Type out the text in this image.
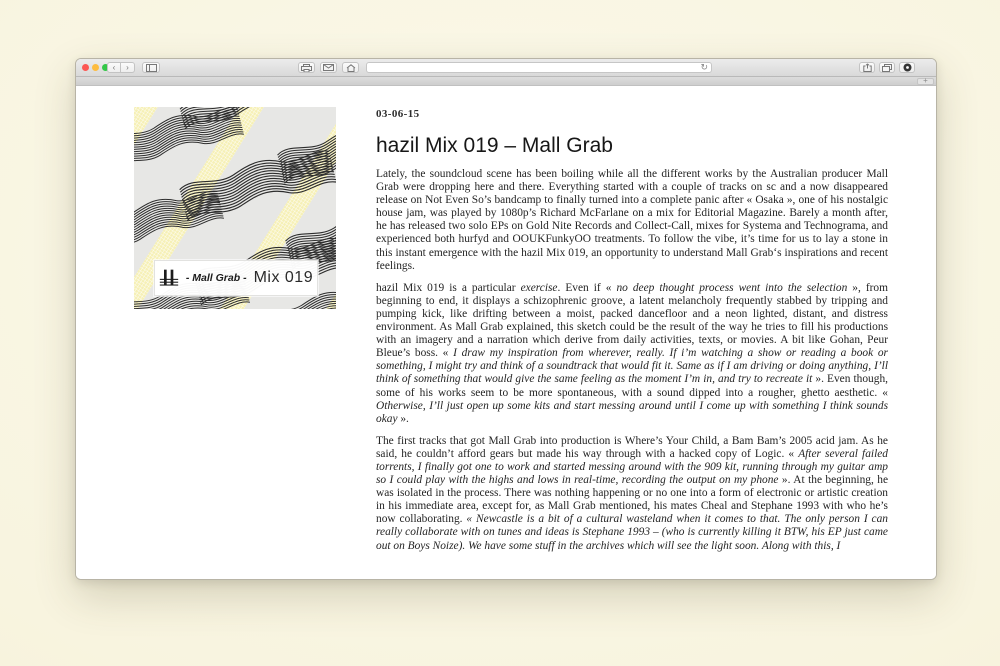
‹ ›	↻
+
- Mall Grab - Mix 019
03-06-15
hazil Mix 019 – Mall Grab

Lately, the soundcloud scene has been boiling while all the different works by the Australian producer Mall Grab were dropping here and there. Everything started with a couple of tracks on sc and a now disappeared release on Not Even So’s bandcamp to finally turned into a complete panic after « Osaka », one of his nostalgic house jam, was played by 1080p’s Richard McFarlane on a mix for Editorial Magazine. Barely a month after, he has released two solo EPs on Gold Nite Records and Collect-Call, mixes for Systema and Technograma, and experienced both hurfyd and OOUKFunkyOO treatments. To follow the vibe, it’s time for us to lay a stone in this instant emergence with the hazil Mix 019, an opportunity to understand Mall Grab‘s inspirations and recent feelings.

hazil Mix 019 is a particular exercise. Even if « no deep thought process went into the selection », from beginning to end, it displays a schizophrenic groove, a latent melancholy frequently stabbed by tripping and pumping kick, like drifting between a moist, packed dancefloor and a neon lighted, distant, and distress environment. As Mall Grab explained, this sketch could be the result of the way he tries to fill his productions with an imagery and a narration which derive from daily activities, texts, or movies. A bit like Gohan, Peur Bleue’s boss. « I draw my inspiration from wherever, really. If i’m watching a show or reading a book or something, I might try and think of a soundtrack that would fit it. Same as if I am driving or doing anything, I’ll think of something that would give the same feeling as the moment I’m in, and try to recreate it ». Even though, some of his works seem to be more spontaneous, with a sound dipped into a rougher, ghetto aesthetic. « Otherwise, I’ll just open up some kits and start messing around until I come up with something I think sounds okay ».

The first tracks that got Mall Grab into production is Where’s Your Child, a Bam Bam’s 2005 acid jam. As he said, he couldn’t afford gears but made his way through with a hacked copy of Logic. « After several failed torrents, I finally got one to work and started messing around with the 909 kit, running through my guitar amp so I could play with the highs and lows in real-time, recording the output on my phone ». At the beginning, he was isolated in the process. There was nothing happening or no one into a form of electronic or artistic creation in his immediate area, except for, as Mall Grab mentioned, his mates Cheal and Stephane 1993 with who he’s now collaborating. « Newcastle is a bit of a cultural wasteland when it comes to that. The only person I can really collaborate with on tunes and ideas is Stephane 1993 – (who is currently killing it BTW, his EP just came out on Boys Noize). We have some stuff in the archives which will see the light soon. Along with this, I
